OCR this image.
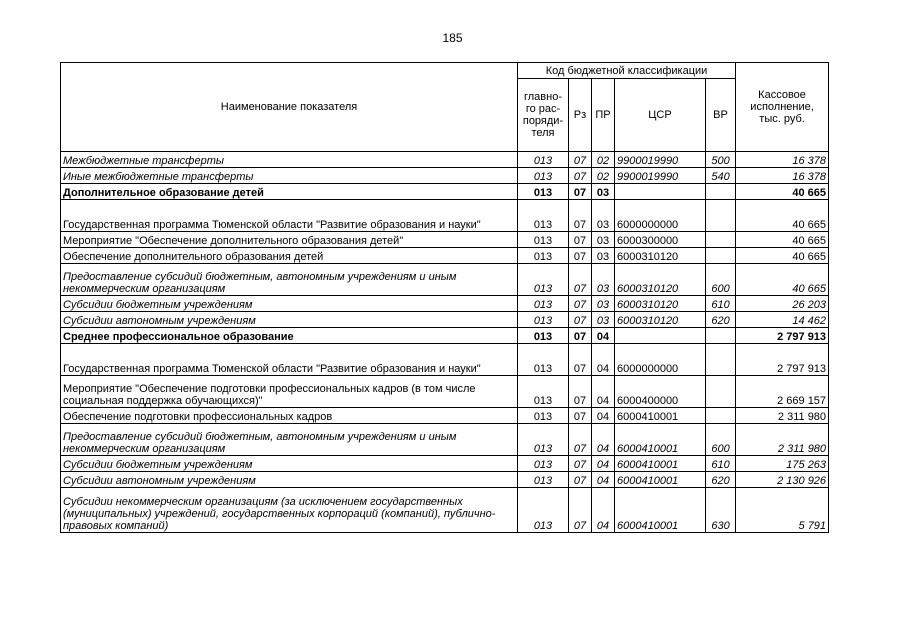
185
Наименование показателя	Код бюджетной классификации					Кассовое исполнение, тыс. руб.
	главно-
го рас-
поряди-
теля	Рз	ПР	ЦСР	ВР	
Межбюджетные трансферты	013	07	02	9900019990	500	16 378
Иные межбюджетные трансферты	013	07	02	9900019990	540	16 378
Дополнительное образование детей	013	07	03			40 665
Государственная программа Тюменской области "Развитие образования и науки"	013	07	03	6000000000		40 665
Мероприятие "Обеспечение дополнительного образования детей"	013	07	03	6000300000		40 665
Обеспечение дополнительного образования детей	013	07	03	6000310120		40 665
Предоставление субсидий бюджетным, автономным учреждениям и иным некоммерческим организациям	013	07	03	6000310120	600	40 665
Субсидии бюджетным учреждениям	013	07	03	6000310120	610	26 203
Субсидии автономным учреждениям	013	07	03	6000310120	620	14 462
Среднее профессиональное образование	013	07	04			2 797 913
Государственная программа Тюменской области "Развитие образования и науки"	013	07	04	6000000000		2 797 913
Мероприятие "Обеспечение подготовки профессиональных кадров (в том числе социальная поддержка обучающихся)"	013	07	04	6000400000		2 669 157
Обеспечение подготовки профессиональных кадров	013	07	04	6000410001		2 311 980
Предоставление субсидий бюджетным, автономным учреждениям и иным некоммерческим организациям	013	07	04	6000410001	600	2 311 980
Субсидии бюджетным учреждениям	013	07	04	6000410001	610	175 263
Субсидии автономным учреждениям	013	07	04	6000410001	620	2 130 926
Субсидии некоммерческим организациям (за исключением государственных (муниципальных) учреждений, государственных корпораций (компаний), публично-правовых компаний)	013	07	04	6000410001	630	5 791
